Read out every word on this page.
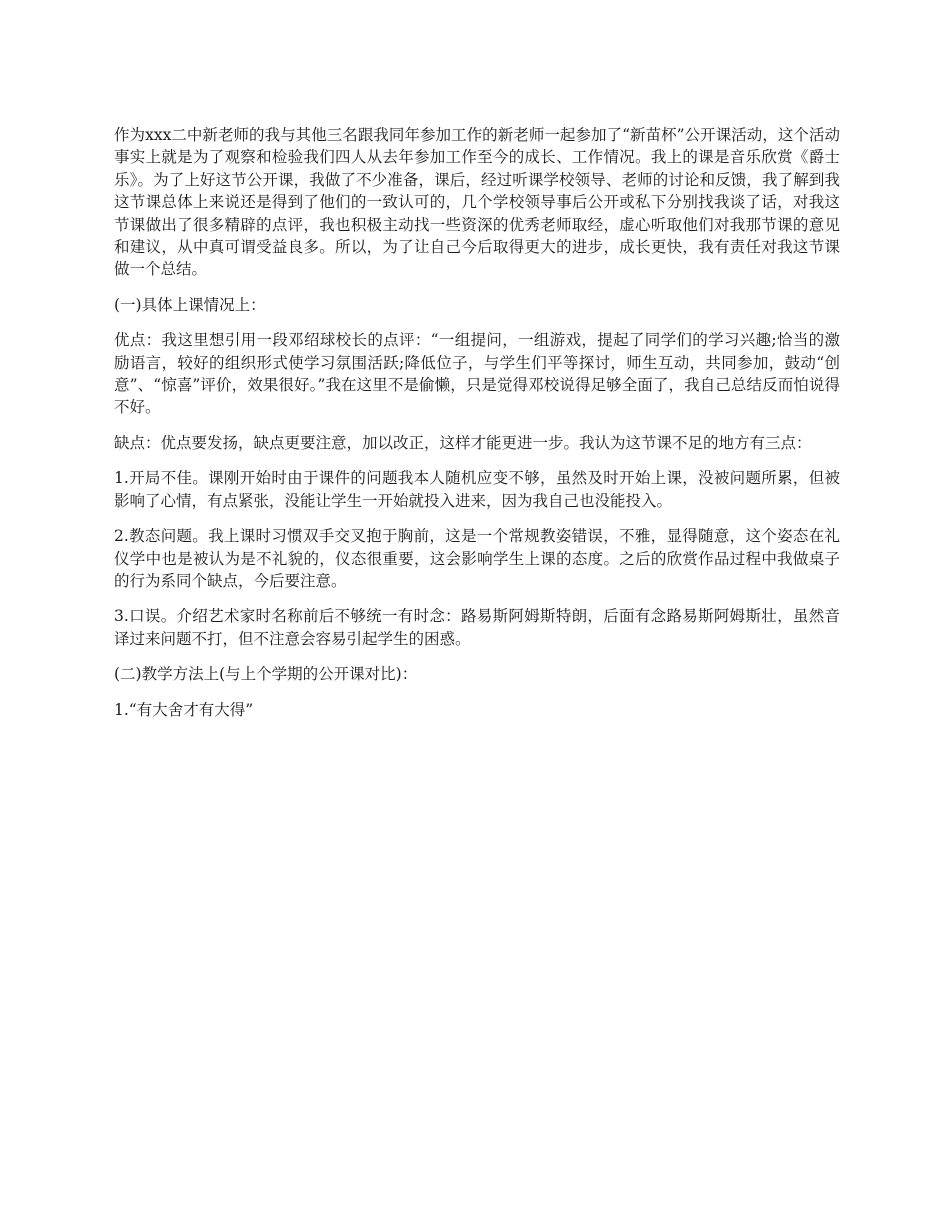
作为xxx二中新老师的我与其他三名跟我同年参加工作的新老师一起参加了“新苗杯”公开课活动，这个活动事实上就是为了观察和检验我们四人从去年参加工作至今的成长、工作情况。我上的课是音乐欣赏《爵士乐》。为了上好这节公开课，我做了不少准备，课后，经过听课学校领导、老师的讨论和反馈，我了解到我这节课总体上来说还是得到了他们的一致认可的，几个学校领导事后公开或私下分别找我谈了话，对我这节课做出了很多精辟的点评，我也积极主动找一些资深的优秀老师取经，虚心听取他们对我那节课的意见和建议，从中真可谓受益良多。所以，为了让自己今后取得更大的进步，成长更快，我有责任对我这节课做一个总结。

(一)具体上课情况上：

优点：我这里想引用一段邓绍球校长的点评：“一组提问，一组游戏，提起了同学们的学习兴趣;恰当的激励语言，较好的组织形式使学习氛围活跃;降低位子，与学生们平等探讨，师生互动，共同参加，鼓动“创意”、“惊喜”评价，效果很好。”我在这里不是偷懒，只是觉得邓校说得足够全面了，我自己总结反而怕说得不好。

缺点：优点要发扬，缺点更要注意，加以改正，这样才能更进一步。我认为这节课不足的地方有三点：

1.开局不佳。课刚开始时由于课件的问题我本人随机应变不够，虽然及时开始上课，没被问题所累，但被影响了心情，有点紧张，没能让学生一开始就投入进来，因为我自己也没能投入。

2.教态问题。我上课时习惯双手交叉抱于胸前，这是一个常规教姿错误，不雅，显得随意，这个姿态在礼仪学中也是被认为是不礼貌的，仪态很重要，这会影响学生上课的态度。之后的欣赏作品过程中我做桌子的行为系同个缺点，今后要注意。

3.口误。介绍艺术家时名称前后不够统一有时念：路易斯阿姆斯特朗，后面有念路易斯阿姆斯壮，虽然音译过来问题不打，但不注意会容易引起学生的困惑。

(二)教学方法上(与上个学期的公开课对比)：

1.“有大舍才有大得”
